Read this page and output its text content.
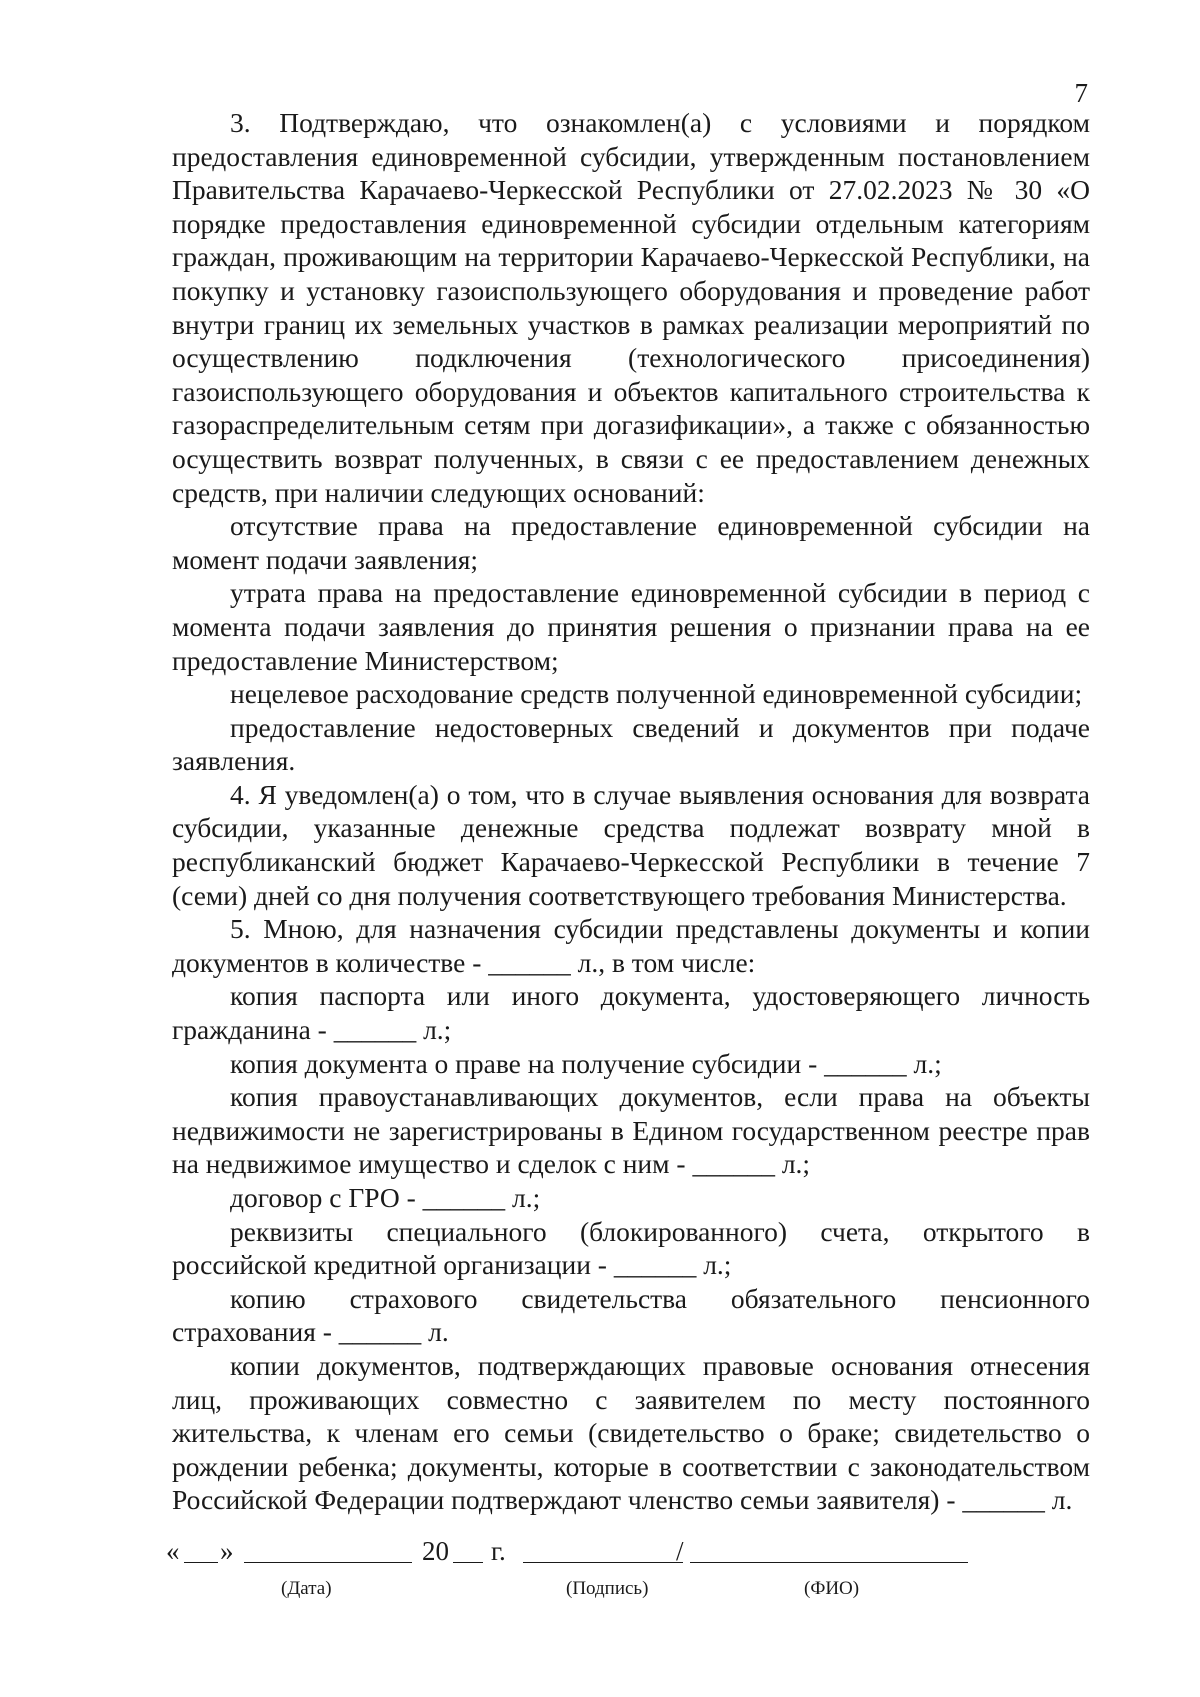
7

3. Подтверждаю, что ознакомлен(а) с условиями и порядком предоставления единовременной субсидии, утвержденным постановлением Правительства Карачаево-Черкесской Республики от 27.02.2023 № 30 «О порядке предоставления единовременной субсидии отдельным категориям граждан, проживающим на территории Карачаево-Черкесской Республики, на покупку и установку газоиспользующего оборудования и проведение работ внутри границ их земельных участков в рамках реализации мероприятий по осуществлению подключения (технологического присоединения) газоиспользующего оборудования и объектов капитального строительства к газораспределительным сетям при догазификации», а также с обязанностью осуществить возврат полученных, в связи с ее предоставлением денежных средств, при наличии следующих оснований:

отсутствие права на предоставление единовременной субсидии на момент подачи заявления;

утрата права на предоставление единовременной субсидии в период с момента подачи заявления до принятия решения о признании права на ее предоставление Министерством;

нецелевое расходование средств полученной единовременной субсидии;

предоставление недостоверных сведений и документов при подаче заявления.

4. Я уведомлен(а) о том, что в случае выявления основания для возврата субсидии, указанные денежные средства подлежат возврату мной в республиканский бюджет Карачаево-Черкесской Республики в течение 7 (семи) дней со дня получения соответствующего требования Министерства.

5. Мною, для назначения субсидии представлены документы и копии документов в количестве - ______ л., в том числе:

копия паспорта или иного документа, удостоверяющего личность гражданина - ______ л.;

копия документа о праве на получение субсидии - ______ л.;

копия правоустанавливающих документов, если права на объекты недвижимости не зарегистрированы в Едином государственном реестре прав на недвижимое имущество и сделок с ним - ______ л.;

договор с ГРО - ______ л.;

реквизиты специального (блокированного) счета, открытого в российской кредитной организации - ______ л.;

копию страхового свидетельства обязательного пенсионного страхования - ______ л.

копии документов, подтверждающих правовые основания отнесения лиц, проживающих совместно с заявителем по месту постоянного жительства, к членам его семьи (свидетельство о браке; свидетельство о рождении ребенка; документы, которые в соответствии с законодательством Российской Федерации подтверждают членство семьи заявителя) - ______ л.

« »	20 г.	/
(Дата)	(Подпись)	(ФИО)
